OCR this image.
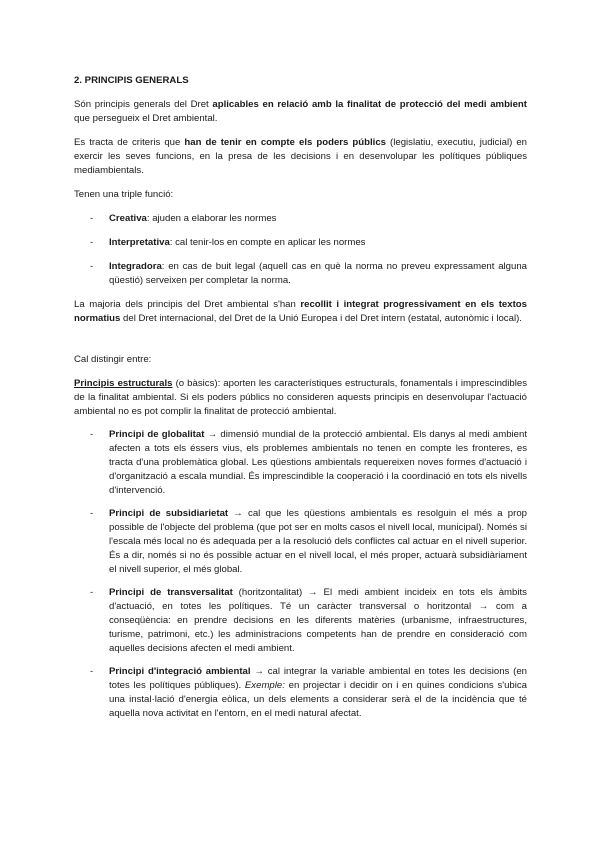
2. PRINCIPIS GENERALS

Són principis generals del Dret aplicables en relació amb la finalitat de protecció del medi ambient que persegueix el Dret ambiental.

Es tracta de criteris que han de tenir en compte els poders públics (legislatiu, executiu, judicial) en exercir les seves funcions, en la presa de les decisions i en desenvolupar les polítiques públiques mediambientals.

Tenen una triple funció:

- Creativa: ajuden a elaborar les normes
- Interpretativa: cal tenir-los en compte en aplicar les normes
- Integradora: en cas de buit legal (aquell cas en què la norma no preveu expressament alguna qüestió) serveixen per completar la norma.

La majoria dels principis del Dret ambiental s'han recollit i integrat progressivament en els textos normatius del Dret internacional, del Dret de la Unió Europea i del Dret intern (estatal, autonòmic i local).

Cal distingir entre:

Principis estructurals (o bàsics): aporten les característiques estructurals, fonamentals i imprescindibles de la finalitat ambiental. Si els poders públics no consideren aquests principis en desenvolupar l'actuació ambiental no es pot complir la finalitat de protecció ambiental.

- Principi de globalitat → dimensió mundial de la protecció ambiental. Els danys al medi ambient afecten a tots els éssers vius, els problemes ambientals no tenen en compte les fronteres, es tracta d'una problemàtica global. Les qüestions ambientals requereixen noves formes d'actuació i d'organització a escala mundial. És imprescindible la cooperació i la coordinació en tots els nivells d'intervenció.
- Principi de subsidiarietat → cal que les qüestions ambientals es resolguin el més a prop possible de l'objecte del problema (que pot ser en molts casos el nivell local, municipal). Només si l'escala més local no és adequada per a la resolució dels conflictes cal actuar en el nivell superior. És a dir, només si no és possible actuar en el nivell local, el més proper, actuarà subsidiàriament el nivell superior, el més global.
- Principi de transversalitat (horitzontalitat) → El medi ambient incideix en tots els àmbits d'actuació, en totes les polítiques. Té un caràcter transversal o horitzontal → com a conseqüència: en prendre decisions en les diferents matèries (urbanisme, infraestructures, turisme, patrimoni, etc.) les administracions competents han de prendre en consideració com aquelles decisions afecten el medi ambient.
- Principi d'integració ambiental → cal integrar la variable ambiental en totes les decisions (en totes les polítiques públiques). Exemple: en projectar i decidir on i en quines condicions s'ubica una instal·lació d'energia eòlica, un dels elements a considerar serà el de la incidència que té aquella nova activitat en l'entorn, en el medi natural afectat.
